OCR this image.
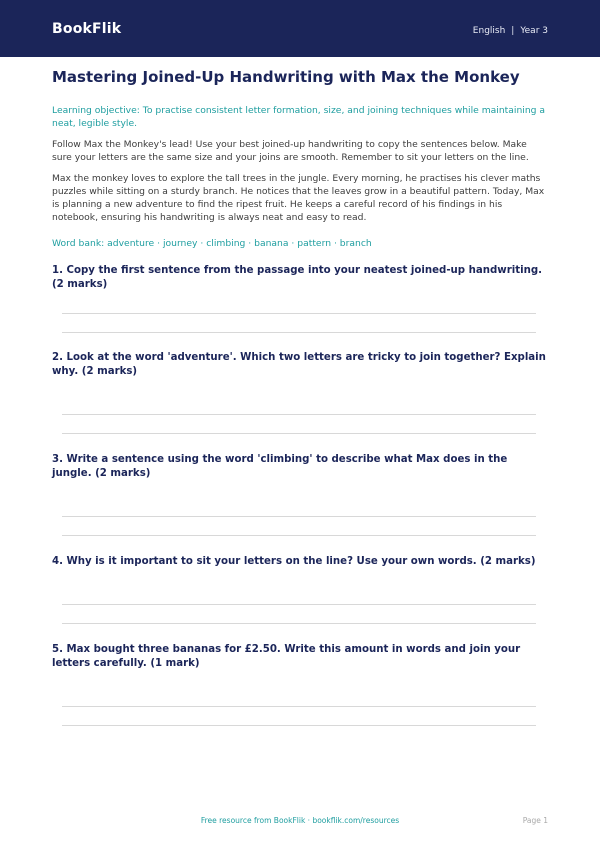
BookFlik	English | Year 3
Mastering Joined-Up Handwriting with Max the Monkey

Learning objective: To practise consistent letter formation, size, and joining techniques while maintaining a neat, legible style.

Follow Max the Monkey's lead! Use your best joined-up handwriting to copy the sentences below. Make sure your letters are the same size and your joins are smooth. Remember to sit your letters on the line.

Max the monkey loves to explore the tall trees in the jungle. Every morning, he practises his clever maths puzzles while sitting on a sturdy branch. He notices that the leaves grow in a beautiful pattern. Today, Max is planning a new adventure to find the ripest fruit. He keeps a careful record of his findings in his notebook, ensuring his handwriting is always neat and easy to read.

Word bank: adventure · journey · climbing · banana · pattern · branch

1. Copy the first sentence from the passage into your neatest joined-up handwriting. (2 marks)

2. Look at the word 'adventure'. Which two letters are tricky to join together? Explain why. (2 marks)

3. Write a sentence using the word 'climbing' to describe what Max does in the jungle. (2 marks)

4. Why is it important to sit your letters on the line? Use your own words. (2 marks)

5. Max bought three bananas for £2.50. Write this amount in words and join your letters carefully. (1 mark)

Free resource from BookFlik · bookflik.com/resources	Page 1
